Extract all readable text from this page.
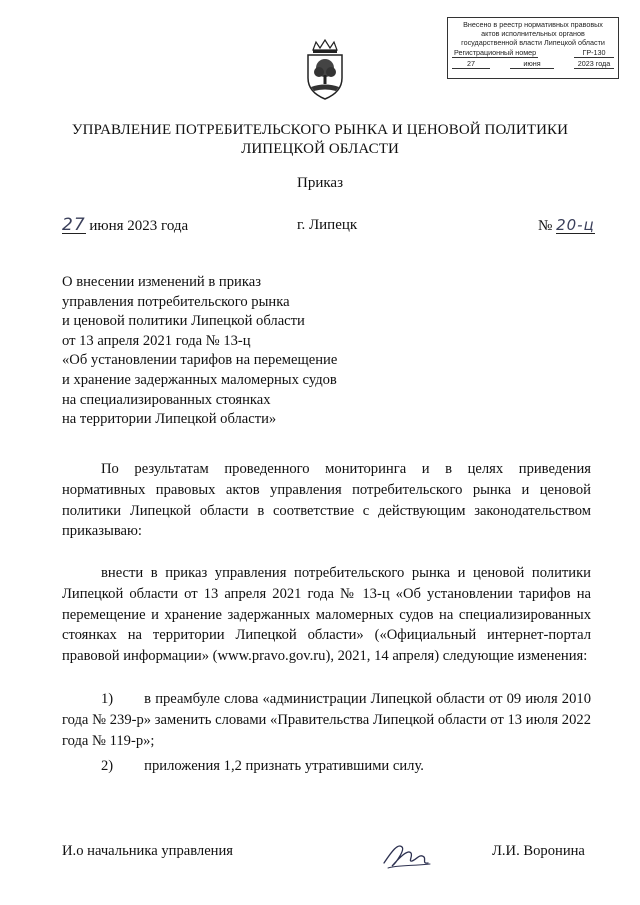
Внесено в реестр нормативных правовых
актов исполнительных органов
государственной власти Липецкой области
Регистрационный номер	ГР-130
27	июня	2023 года
УПРАВЛЕНИЕ ПОТРЕБИТЕЛЬСКОГО РЫНКА И ЦЕНОВОЙ ПОЛИТИКИ
ЛИПЕЦКОЙ ОБЛАСТИ
Приказ
27 июня 2023 года	г. Липецк	№ 20-ц
О внесении изменений в приказ
управления потребительского рынка
и ценовой политики Липецкой области
от 13 апреля 2021 года № 13-ц
«Об установлении тарифов на перемещение
и хранение задержанных маломерных судов
на специализированных стоянках
на территории Липецкой области»
По результатам проведенного мониторинга и в целях приведения нормативных правовых актов управления потребительского рынка и ценовой политики Липецкой области в соответствие с действующим законодательством приказываю:
внести в приказ управления потребительского рынка и ценовой политики Липецкой области от 13 апреля 2021 года № 13-ц «Об установлении тарифов на перемещение и хранение задержанных маломерных судов на специализированных стоянках на территории Липецкой области» («Официальный интернет-портал правовой информации» (www.pravo.gov.ru), 2021, 14 апреля) следующие изменения:
1) в преамбуле слова «администрации Липецкой области от 09 июля 2010 года № 239-р» заменить словами «Правительства Липецкой области от 13 июля 2022 года № 119-р»;
2) приложения 1,2 признать утратившими силу.
И.о начальника управления	Л.И. Воронина
